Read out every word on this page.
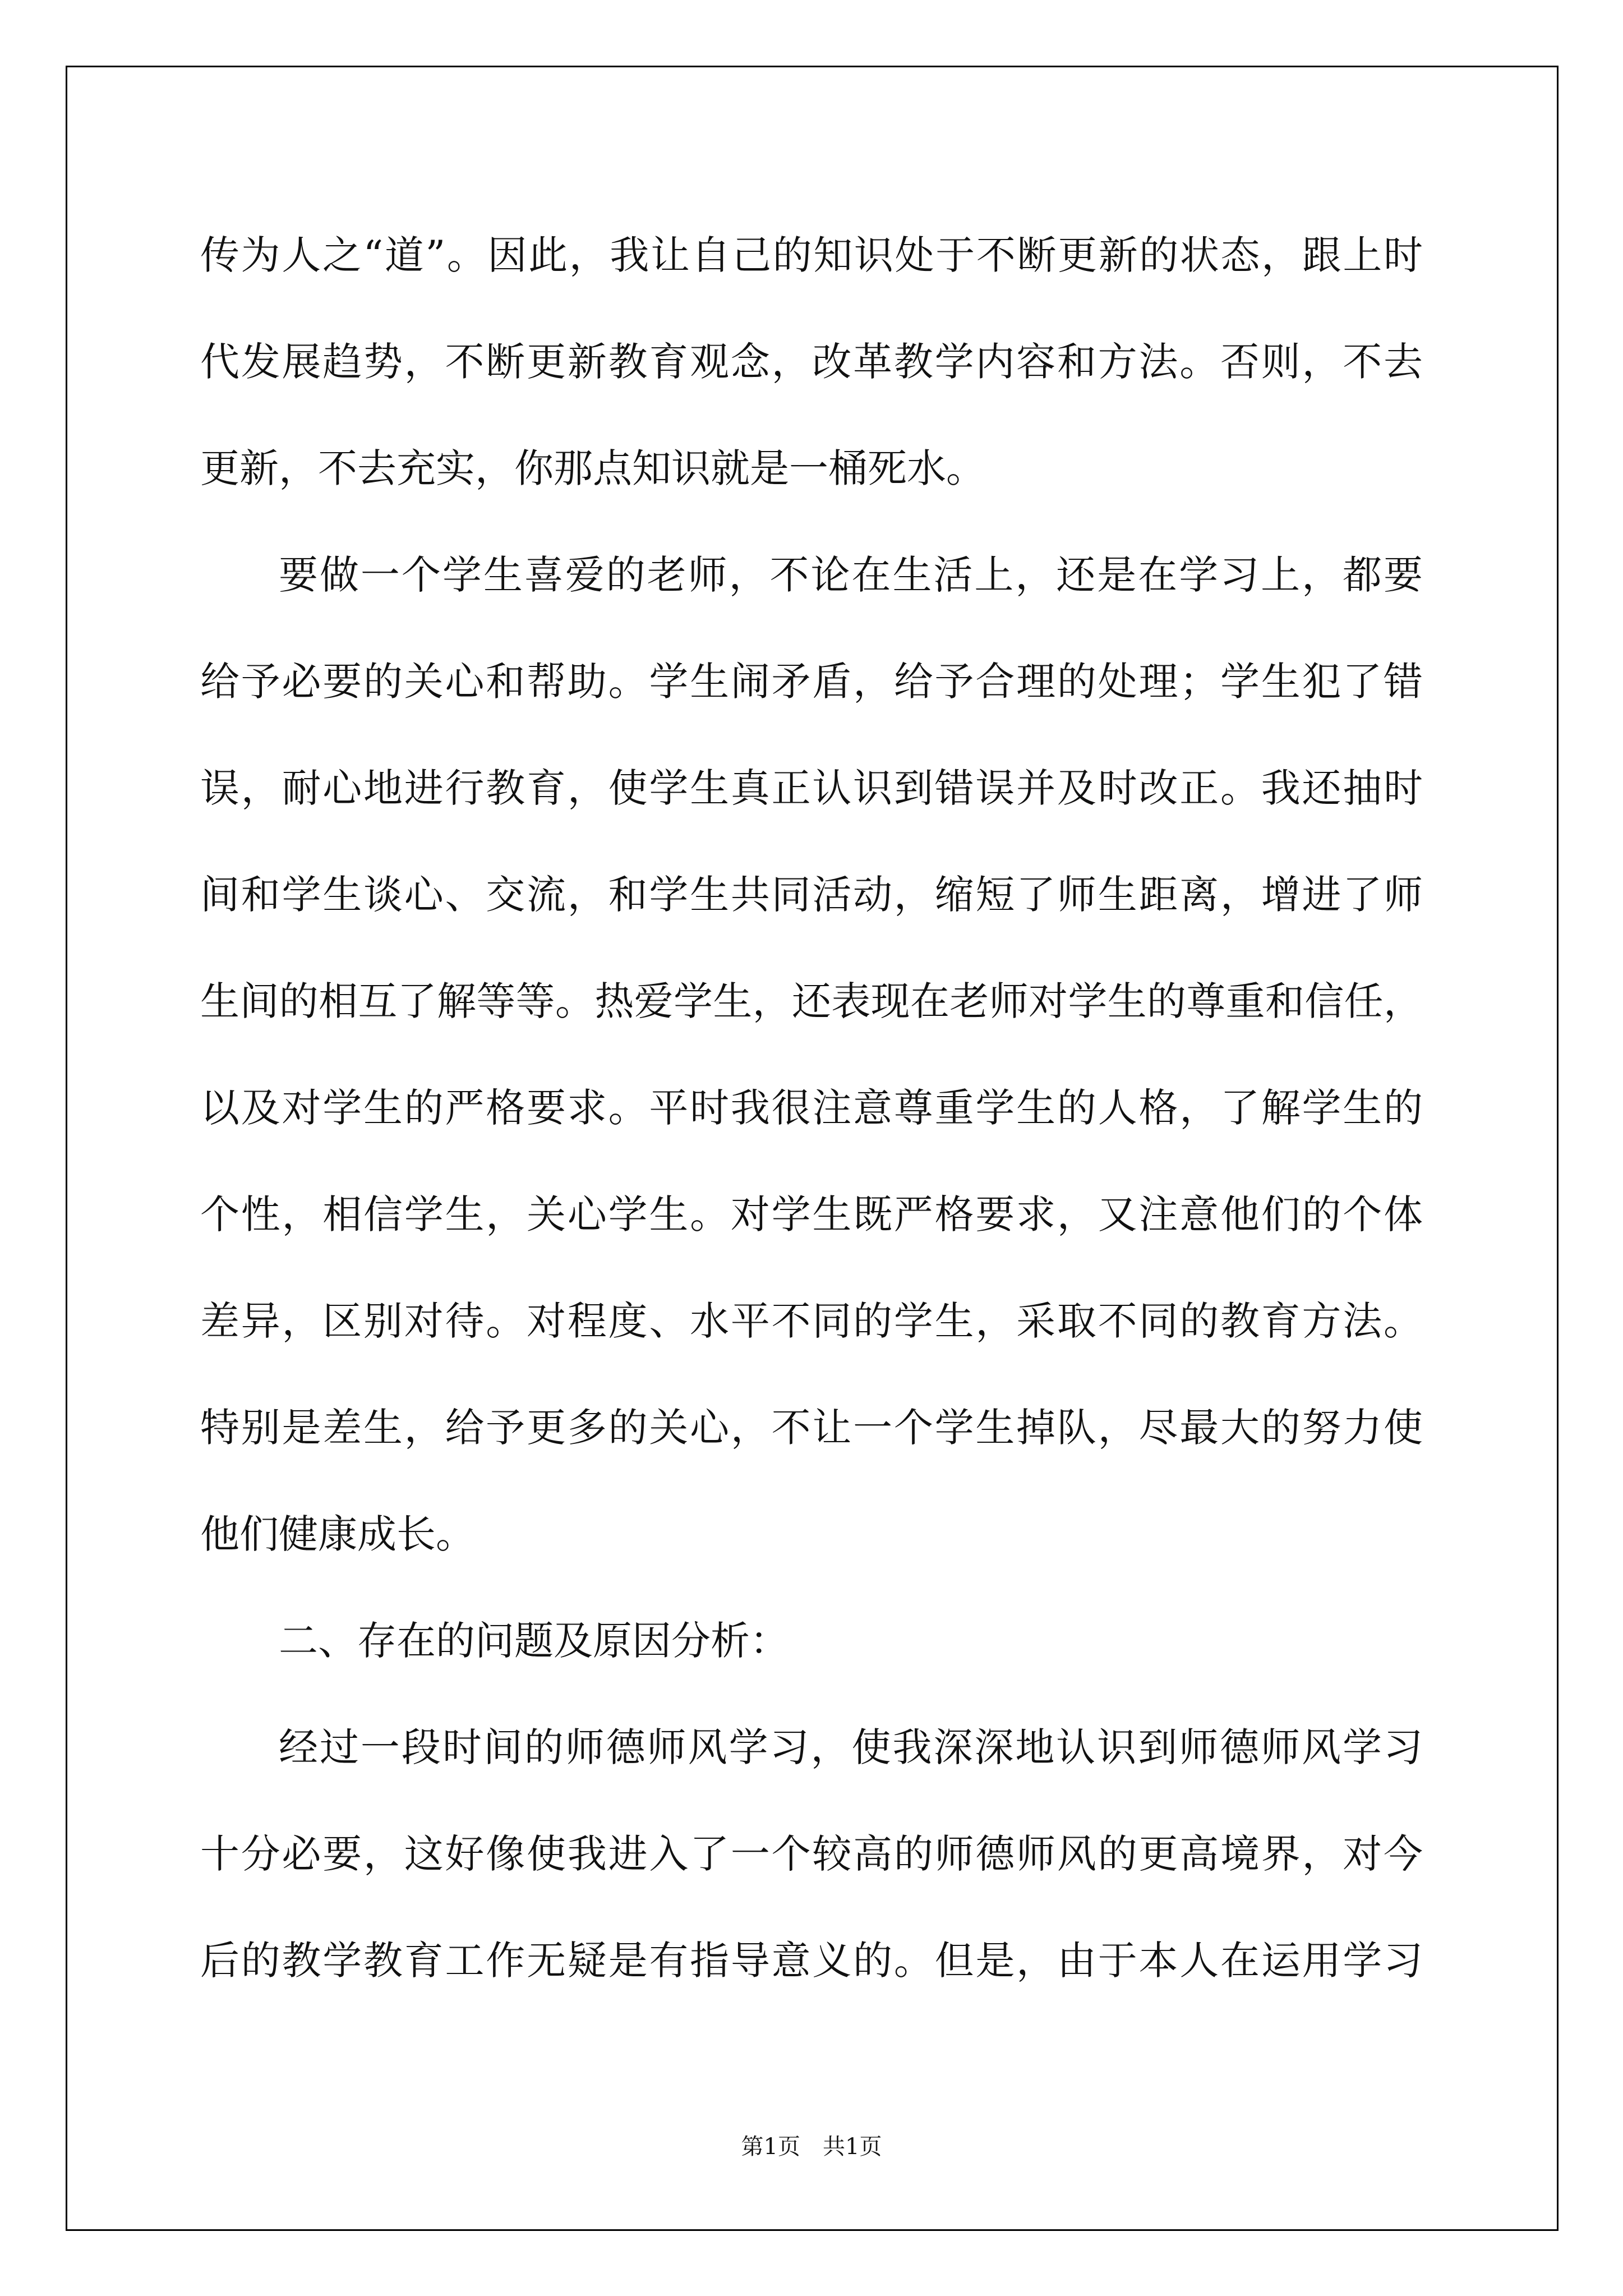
传为人之“道”。因此，我让自己的知识处于不断更新的状态，跟上时
代发展趋势，不断更新教育观念，改革教学内容和方法。否则，不去
更新，不去充实，你那点知识就是一桶死水。
要做一个学生喜爱的老师，不论在生活上，还是在学习上，都要
给予必要的关心和帮助。学生闹矛盾，给予合理的处理；学生犯了错
误，耐心地进行教育，使学生真正认识到错误并及时改正。我还抽时
间和学生谈心、交流，和学生共同活动，缩短了师生距离，增进了师
生间的相互了解等等。热爱学生，还表现在老师对学生的尊重和信任，
以及对学生的严格要求。平时我很注意尊重学生的人格，了解学生的
个性，相信学生，关心学生。对学生既严格要求，又注意他们的个体
差异，区别对待。对程度、水平不同的学生，采取不同的教育方法。
特别是差生，给予更多的关心，不让一个学生掉队，尽最大的努力使
他们健康成长。
二、存在的问题及原因分析：
经过一段时间的师德师风学习，使我深深地认识到师德师风学习
十分必要，这好像使我进入了一个较高的师德师风的更高境界，对今
后的教学教育工作无疑是有指导意义的。但是，由于本人在运用学习
第1页　共1页
